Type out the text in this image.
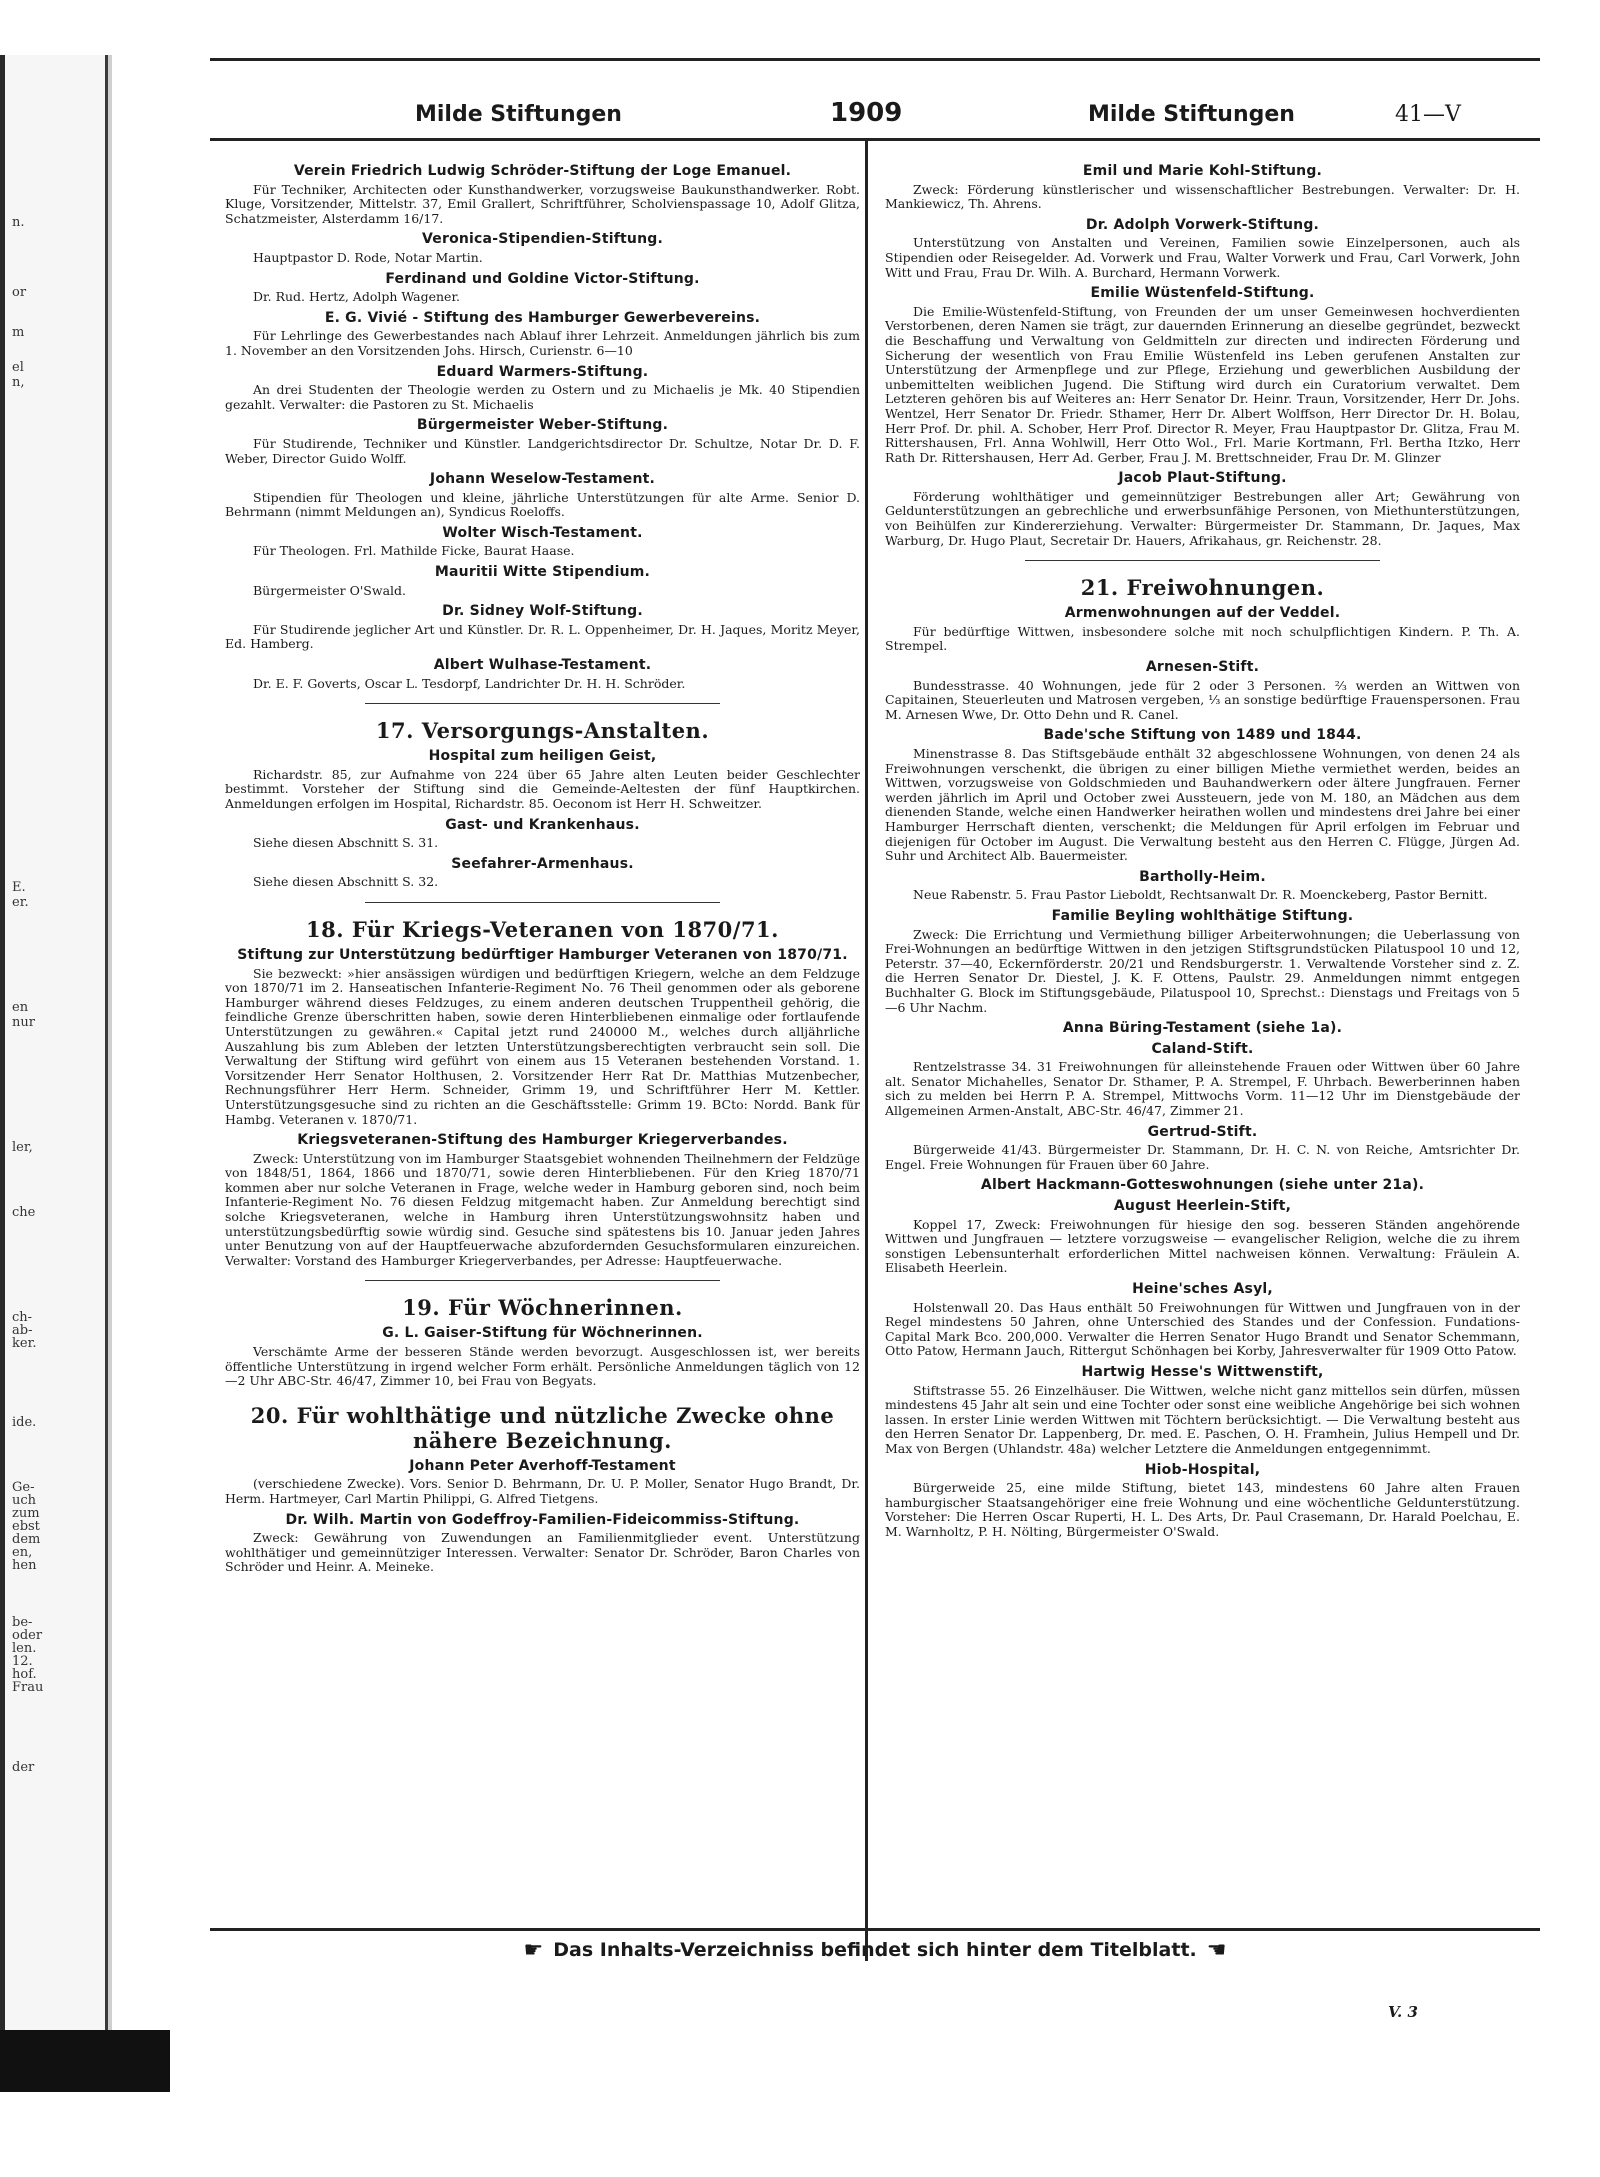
n.
or
m
el
n,
E.
er.
en
nur
ler,
che
ch-
ab-
ker.
ide.
Ge-
uch
zum
ebst
dem
en,
hen
be-
oder
len.
12.
hof.
Frau
der
Milde Stiftungen	1909	Milde Stiftungen	41—V
Verein Friedrich Ludwig Schröder-Stiftung der Loge Emanuel.

Für Techniker, Architecten oder Kunsthandwerker, vorzugsweise Baukunsthandwerker. Robt. Kluge, Vorsitzender, Mittelstr. 37, Emil Grallert, Schriftführer, Scholvienspassage 10, Adolf Glitza, Schatzmeister, Alsterdamm 16/17.

Veronica-Stipendien-Stiftung.

Hauptpastor D. Rode, Notar Martin.

Ferdinand und Goldine Victor-Stiftung.

Dr. Rud. Hertz, Adolph Wagener.

E. G. Vivié - Stiftung des Hamburger Gewerbevereins.

Für Lehrlinge des Gewerbestandes nach Ablauf ihrer Lehrzeit. Anmeldungen jährlich bis zum 1. November an den Vorsitzenden Johs. Hirsch, Curienstr. 6—10

Eduard Warmers-Stiftung.

An drei Studenten der Theologie werden zu Ostern und zu Michaelis je Mk. 40 Stipendien gezahlt. Verwalter: die Pastoren zu St. Michaelis

Bürgermeister Weber-Stiftung.

Für Studirende, Techniker und Künstler. Landgerichtsdirector Dr. Schultze, Notar Dr. D. F. Weber, Director Guido Wolff.

Johann Weselow-Testament.

Stipendien für Theologen und kleine, jährliche Unterstützungen für alte Arme. Senior D. Behrmann (nimmt Meldungen an), Syndicus Roeloffs.

Wolter Wisch-Testament.

Für Theologen. Frl. Mathilde Ficke, Baurat Haase.

Mauritii Witte Stipendium.

Bürgermeister O'Swald.

Dr. Sidney Wolf-Stiftung.

Für Studirende jeglicher Art und Künstler. Dr. R. L. Oppenheimer, Dr. H. Jaques, Moritz Meyer, Ed. Hamberg.

Albert Wulhase-Testament.

Dr. E. F. Goverts, Oscar L. Tesdorpf, Landrichter Dr. H. H. Schröder.

17. Versorgungs-Anstalten.
Hospital zum heiligen Geist,

Richardstr. 85, zur Aufnahme von 224 über 65 Jahre alten Leuten beider Geschlechter bestimmt. Vorsteher der Stiftung sind die Gemeinde-Aeltesten der fünf Hauptkirchen. Anmeldungen erfolgen im Hospital, Richardstr. 85. Oeconom ist Herr H. Schweitzer.

Gast- und Krankenhaus.

Siehe diesen Abschnitt S. 31.

Seefahrer-Armenhaus.

Siehe diesen Abschnitt S. 32.

18. Für Kriegs-Veteranen von 1870/71.
Stiftung zur Unterstützung bedürftiger Hamburger Veteranen von 1870/71.

Sie bezweckt: »hier ansässigen würdigen und bedürftigen Kriegern, welche an dem Feldzuge von 1870/71 im 2. Hanseatischen Infanterie-Regiment No. 76 Theil genommen oder als geborene Hamburger während dieses Feldzuges, zu einem anderen deutschen Truppentheil gehörig, die feindliche Grenze überschritten haben, sowie deren Hinterbliebenen einmalige oder fortlaufende Unterstützungen zu gewähren.« Capital jetzt rund 240000 M., welches durch alljährliche Auszahlung bis zum Ableben der letzten Unterstützungsberechtigten verbraucht sein soll. Die Verwaltung der Stiftung wird geführt von einem aus 15 Veteranen bestehenden Vorstand. 1. Vorsitzender Herr Senator Holthusen, 2. Vorsitzender Herr Rat Dr. Matthias Mutzenbecher, Rechnungsführer Herr Herm. Schneider, Grimm 19, und Schriftführer Herr M. Kettler. Unterstützungsgesuche sind zu richten an die Geschäftsstelle: Grimm 19. BCto: Nordd. Bank für Hambg. Veteranen v. 1870/71.

Kriegsveteranen-Stiftung des Hamburger Kriegerverbandes.

Zweck: Unterstützung von im Hamburger Staatsgebiet wohnenden Theilnehmern der Feldzüge von 1848/51, 1864, 1866 und 1870/71, sowie deren Hinterbliebenen. Für den Krieg 1870/71 kommen aber nur solche Veteranen in Frage, welche weder in Hamburg geboren sind, noch beim Infanterie-Regiment No. 76 diesen Feldzug mitgemacht haben. Zur Anmeldung berechtigt sind solche Kriegsveteranen, welche in Hamburg ihren Unterstützungswohnsitz haben und unterstützungsbedürftig sowie würdig sind. Gesuche sind spätestens bis 10. Januar jeden Jahres unter Benutzung von auf der Hauptfeuerwache abzufordernden Gesuchsformularen einzureichen. Verwalter: Vorstand des Hamburger Kriegerverbandes, per Adresse: Hauptfeuerwache.

19. Für Wöchnerinnen.
G. L. Gaiser-Stiftung für Wöchnerinnen.

Verschämte Arme der besseren Stände werden bevorzugt. Ausgeschlossen ist, wer bereits öffentliche Unterstützung in irgend welcher Form erhält. Persönliche Anmeldungen täglich von 12—2 Uhr ABC-Str. 46/47, Zimmer 10, bei Frau von Begyats.

20. Für wohlthätige und nützliche Zwecke ohne nähere Bezeichnung.
Johann Peter Averhoff-Testament

(verschiedene Zwecke). Vors. Senior D. Behrmann, Dr. U. P. Moller, Senator Hugo Brandt, Dr. Herm. Hartmeyer, Carl Martin Philippi, G. Alfred Tietgens.

Dr. Wilh. Martin von Godeffroy-Familien-Fideicommiss-Stiftung.

Zweck: Gewährung von Zuwendungen an Familienmitglieder event. Unterstützung wohlthätiger und gemeinnütziger Interessen. Verwalter: Senator Dr. Schröder, Baron Charles von Schröder und Heinr. A. Meineke.

Emil und Marie Kohl-Stiftung.

Zweck: Förderung künstlerischer und wissenschaftlicher Bestrebungen. Verwalter: Dr. H. Mankiewicz, Th. Ahrens.

Dr. Adolph Vorwerk-Stiftung.

Unterstützung von Anstalten und Vereinen, Familien sowie Einzelpersonen, auch als Stipendien oder Reisegelder. Ad. Vorwerk und Frau, Walter Vorwerk und Frau, Carl Vorwerk, John Witt und Frau, Frau Dr. Wilh. A. Burchard, Hermann Vorwerk.

Emilie Wüstenfeld-Stiftung.

Die Emilie-Wüstenfeld-Stiftung, von Freunden der um unser Gemeinwesen hochverdienten Verstorbenen, deren Namen sie trägt, zur dauernden Erinnerung an dieselbe gegründet, bezweckt die Beschaffung und Verwaltung von Geldmitteln zur directen und indirecten Förderung und Sicherung der wesentlich von Frau Emilie Wüstenfeld ins Leben gerufenen Anstalten zur Unterstützung der Armenpflege und zur Pflege, Erziehung und gewerblichen Ausbildung der unbemittelten weiblichen Jugend. Die Stiftung wird durch ein Curatorium verwaltet. Dem Letzteren gehören bis auf Weiteres an: Herr Senator Dr. Heinr. Traun, Vorsitzender, Herr Dr. Johs. Wentzel, Herr Senator Dr. Friedr. Sthamer, Herr Dr. Albert Wolffson, Herr Director Dr. H. Bolau, Herr Prof. Dr. phil. A. Schober, Herr Prof. Director R. Meyer, Frau Hauptpastor Dr. Glitza, Frau M. Rittershausen, Frl. Anna Wohlwill, Herr Otto Wol., Frl. Marie Kortmann, Frl. Bertha Itzko, Herr Rath Dr. Rittershausen, Herr Ad. Gerber, Frau J. M. Brettschneider, Frau Dr. M. Glinzer

Jacob Plaut-Stiftung.

Förderung wohlthätiger und gemeinnütziger Bestrebungen aller Art; Gewährung von Geldunterstützungen an gebrechliche und erwerbsunfähige Personen, von Miethunterstützungen, von Beihülfen zur Kindererziehung. Verwalter: Bürgermeister Dr. Stammann, Dr. Jaques, Max Warburg, Dr. Hugo Plaut, Secretair Dr. Hauers, Afrikahaus, gr. Reichenstr. 28.

21. Freiwohnungen.
Armenwohnungen auf der Veddel.

Für bedürftige Wittwen, insbesondere solche mit noch schulpflichtigen Kindern. P. Th. A. Strempel.

Arnesen-Stift.

Bundesstrasse. 40 Wohnungen, jede für 2 oder 3 Personen. ⅔ werden an Wittwen von Capitainen, Steuerleuten und Matrosen vergeben, ⅓ an sonstige bedürftige Frauenspersonen. Frau M. Arnesen Wwe, Dr. Otto Dehn und R. Canel.

Bade'sche Stiftung von 1489 und 1844.

Minenstrasse 8. Das Stiftsgebäude enthält 32 abgeschlossene Wohnungen, von denen 24 als Freiwohnungen verschenkt, die übrigen zu einer billigen Miethe vermiethet werden, beides an Wittwen, vorzugsweise von Goldschmieden und Bauhandwerkern oder ältere Jungfrauen. Ferner werden jährlich im April und October zwei Aussteuern, jede von M. 180, an Mädchen aus dem dienenden Stande, welche einen Handwerker heirathen wollen und mindestens drei Jahre bei einer Hamburger Herrschaft dienten, verschenkt; die Meldungen für April erfolgen im Februar und diejenigen für October im August. Die Verwaltung besteht aus den Herren C. Flügge, Jürgen Ad. Suhr und Architect Alb. Bauermeister.

Bartholly-Heim.

Neue Rabenstr. 5. Frau Pastor Lieboldt, Rechtsanwalt Dr. R. Moenckeberg, Pastor Bernitt.

Familie Beyling wohlthätige Stiftung.

Zweck: Die Errichtung und Vermiethung billiger Arbeiterwohnungen; die Ueberlassung von Frei-Wohnungen an bedürftige Wittwen in den jetzigen Stiftsgrundstücken Pilatuspool 10 und 12, Peterstr. 37—40, Eckernförderstr. 20/21 und Rendsburgerstr. 1. Verwaltende Vorsteher sind z. Z. die Herren Senator Dr. Diestel, J. K. F. Ottens, Paulstr. 29. Anmeldungen nimmt entgegen Buchhalter G. Block im Stiftungsgebäude, Pilatuspool 10, Sprechst.: Dienstags und Freitags von 5—6 Uhr Nachm.

Anna Büring-Testament (siehe 1a).
Caland-Stift.

Rentzelstrasse 34. 31 Freiwohnungen für alleinstehende Frauen oder Wittwen über 60 Jahre alt. Senator Michahelles, Senator Dr. Sthamer, P. A. Strempel, F. Uhrbach. Bewerberinnen haben sich zu melden bei Herrn P. A. Strempel, Mittwochs Vorm. 11—12 Uhr im Dienstgebäude der Allgemeinen Armen-Anstalt, ABC-Str. 46/47, Zimmer 21.

Gertrud-Stift.

Bürgerweide 41/43. Bürgermeister Dr. Stammann, Dr. H. C. N. von Reiche, Amtsrichter Dr. Engel. Freie Wohnungen für Frauen über 60 Jahre.

Albert Hackmann-Gotteswohnungen (siehe unter 21a).
August Heerlein-Stift,

Koppel 17, Zweck: Freiwohnungen für hiesige den sog. besseren Ständen angehörende Wittwen und Jungfrauen — letztere vorzugsweise — evangelischer Religion, welche die zu ihrem sonstigen Lebensunterhalt erforderlichen Mittel nachweisen können. Verwaltung: Fräulein A. Elisabeth Heerlein.

Heine'sches Asyl,

Holstenwall 20. Das Haus enthält 50 Freiwohnungen für Wittwen und Jungfrauen von in der Regel mindestens 50 Jahren, ohne Unterschied des Standes und der Confession. Fundations-Capital Mark Bco. 200,000. Verwalter die Herren Senator Hugo Brandt und Senator Schemmann, Otto Patow, Hermann Jauch, Rittergut Schönhagen bei Korby, Jahresverwalter für 1909 Otto Patow.

Hartwig Hesse's Wittwenstift,

Stiftstrasse 55. 26 Einzelhäuser. Die Wittwen, welche nicht ganz mittellos sein dürfen, müssen mindestens 45 Jahr alt sein und eine Tochter oder sonst eine weibliche Angehörige bei sich wohnen lassen. In erster Linie werden Wittwen mit Töchtern berücksichtigt. — Die Verwaltung besteht aus den Herren Senator Dr. Lappenberg, Dr. med. E. Paschen, O. H. Framhein, Julius Hempell und Dr. Max von Bergen (Uhlandstr. 48a) welcher Letztere die Anmeldungen entgegennimmt.

Hiob-Hospital,

Bürgerweide 25, eine milde Stiftung, bietet 143, mindestens 60 Jahre alten Frauen hamburgischer Staatsangehöriger eine freie Wohnung und eine wöchentliche Geldunterstützung. Vorsteher: Die Herren Oscar Ruperti, H. L. Des Arts, Dr. Paul Crasemann, Dr. Harald Poelchau, E. M. Warnholtz, P. H. Nölting, Bürgermeister O'Swald.

☛ Das Inhalts-Verzeichniss befindet sich hinter dem Titelblatt. ☚
V. 3
